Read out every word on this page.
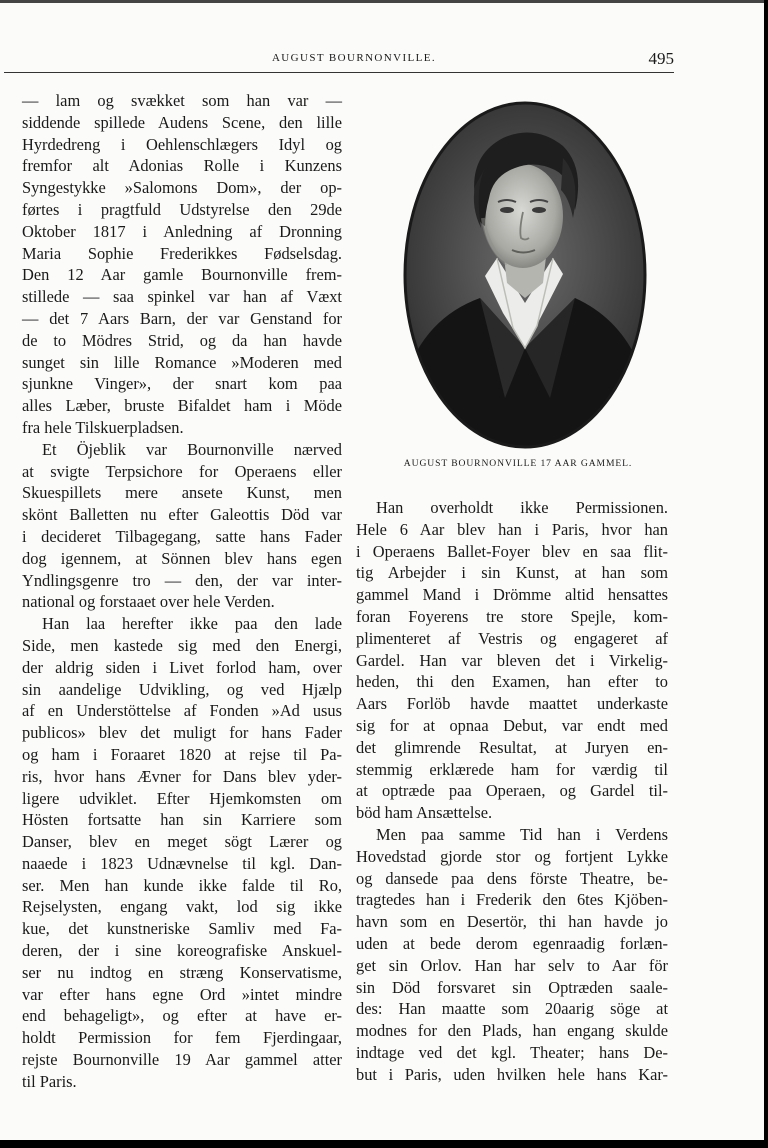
AUGUST BOURNONVILLE.	495
— lam og svækket som han var —
siddende spillede Audens Scene, den lille
Hyrdedreng i Oehlenschlægers Idyl og
fremfor alt Adonias Rolle i Kunzens
Syngestykke »Salomons Dom», der op-
førtes i pragtfuld Udstyrelse den 29de
Oktober 1817 i Anledning af Dronning
Maria Sophie Frederikkes Fødselsdag.
Den 12 Aar gamle Bournonville frem-
stillede — saa spinkel var han af Væxt
— det 7 Aars Barn, der var Genstand for
de to Mödres Strid, og da han havde
sunget sin lille Romance »Moderen med
sjunkne Vinger», der snart kom paa
alles Læber, bruste Bifaldet ham i Möde
fra hele Tilskuerpladsen.
Et Öjeblik var Bournonville nærved
at svigte Terpsichore for Operaens eller
Skuespillets mere ansete Kunst, men
skönt Balletten nu efter Galeottis Död var
i decideret Tilbagegang, satte hans Fader
dog igennem, at Sönnen blev hans egen
Yndlingsgenre tro — den, der var inter-
national og forstaaet over hele Verden.
Han laa herefter ikke paa den lade
Side, men kastede sig med den Energi,
der aldrig siden i Livet forlod ham, over
sin aandelige Udvikling, og ved Hjælp
af en Understöttelse af Fonden »Ad usus
publicos» blev det muligt for hans Fader
og ham i Foraaret 1820 at rejse til Pa-
ris, hvor hans Ævner for Dans blev yder-
ligere udviklet. Efter Hjemkomsten om
Hösten fortsatte han sin Karriere som
Danser, blev en meget sögt Lærer og
naaede i 1823 Udnævnelse til kgl. Dan-
ser. Men han kunde ikke falde til Ro,
Rejselysten, engang vakt, lod sig ikke
kue, det kunstneriske Samliv med Fa-
deren, der i sine koreografiske Anskuel-
ser nu indtog en stræng Konservatisme,
var efter hans egne Ord »intet mindre
end behageligt», og efter at have er-
holdt Permission for fem Fjerdingaar,
rejste Bournonville 19 Aar gammel atter
til Paris.
AUGUST BOURNONVILLE 17 AAR GAMMEL.
Han overholdt ikke Permissionen.
Hele 6 Aar blev han i Paris, hvor han
i Operaens Ballet-Foyer blev en saa flit-
tig Arbejder i sin Kunst, at han som
gammel Mand i Drömme altid hensattes
foran Foyerens tre store Spejle, kom-
plimenteret af Vestris og engageret af
Gardel. Han var bleven det i Virkelig-
heden, thi den Examen, han efter to
Aars Forlöb havde maattet underkaste
sig for at opnaa Debut, var endt med
det glimrende Resultat, at Juryen en-
stemmig erklærede ham for værdig til
at optræde paa Operaen, og Gardel til-
böd ham Ansættelse.
Men paa samme Tid han i Verdens
Hovedstad gjorde stor og fortjent Lykke
og dansede paa dens förste Theatre, be-
tragtedes han i Frederik den 6tes Kjöben-
havn som en Desertör, thi han havde jo
uden at bede derom egenraadig forlæn-
get sin Orlov. Han har selv to Aar för
sin Död forsvaret sin Optræden saale-
des: Han maatte som 20aarig söge at
modnes for den Plads, han engang skulde
indtage ved det kgl. Theater; hans De-
but i Paris, uden hvilken hele hans Kar-
